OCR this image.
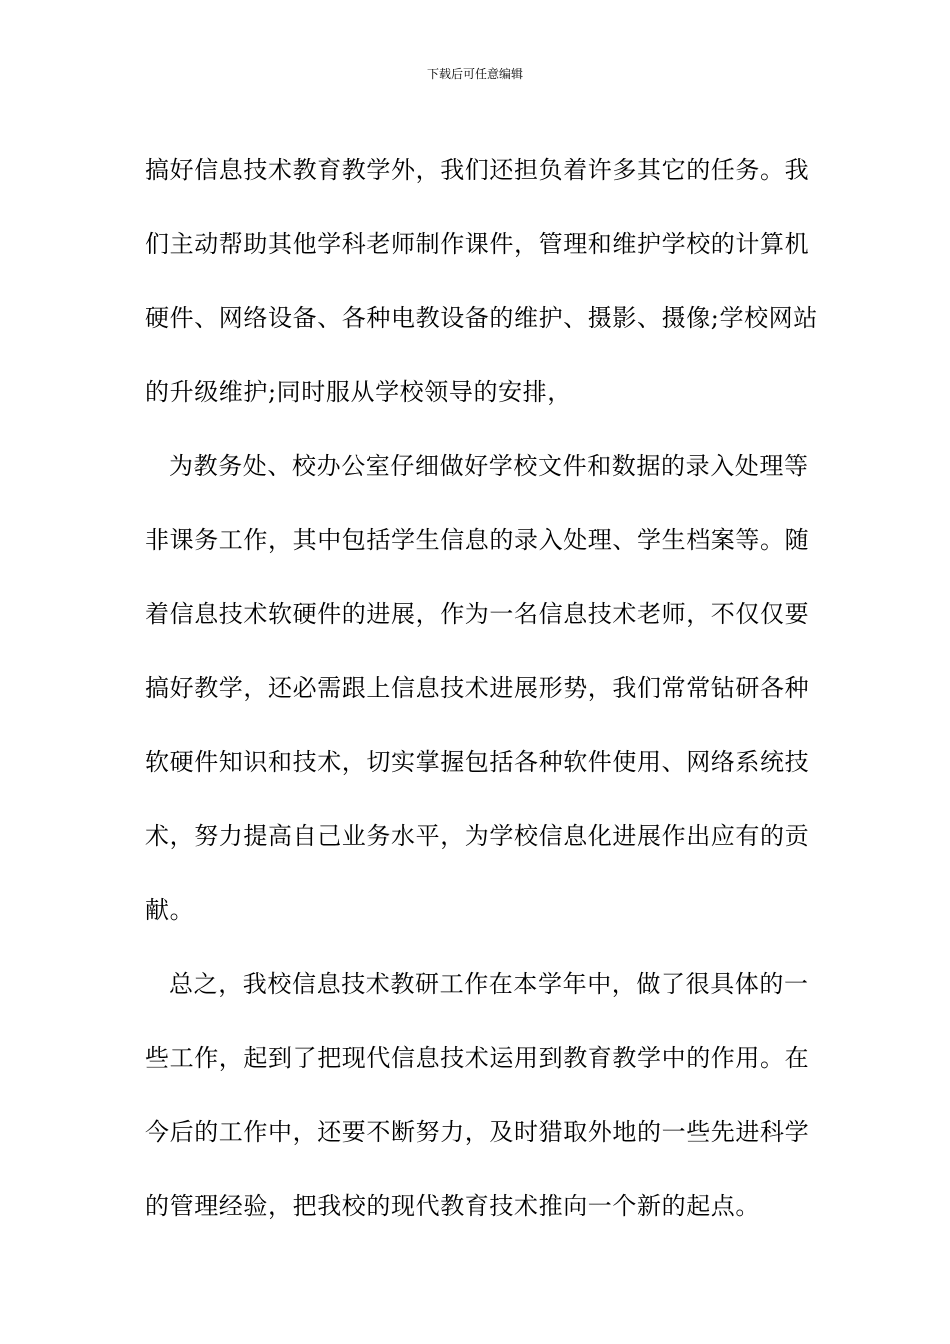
下载后可任意编辑
搞好信息技术教育教学外，我们还担负着许多其它的任务。我
们主动帮助其他学科老师制作课件，管理和维护学校的计算机
硬件、网络设备、各种电教设备的维护、摄影、摄像;学校网站
的升级维护;同时服从学校领导的安排，
为教务处、校办公室仔细做好学校文件和数据的录入处理等
非课务工作，其中包括学生信息的录入处理、学生档案等。随
着信息技术软硬件的进展，作为一名信息技术老师，不仅仅要
搞好教学，还必需跟上信息技术进展形势，我们常常钻研各种
软硬件知识和技术，切实掌握包括各种软件使用、网络系统技
术，努力提高自己业务水平，为学校信息化进展作出应有的贡
献。
总之，我校信息技术教研工作在本学年中，做了很具体的一
些工作，起到了把现代信息技术运用到教育教学中的作用。在
今后的工作中，还要不断努力，及时猎取外地的一些先进科学
的管理经验，把我校的现代教育技术推向一个新的起点。
